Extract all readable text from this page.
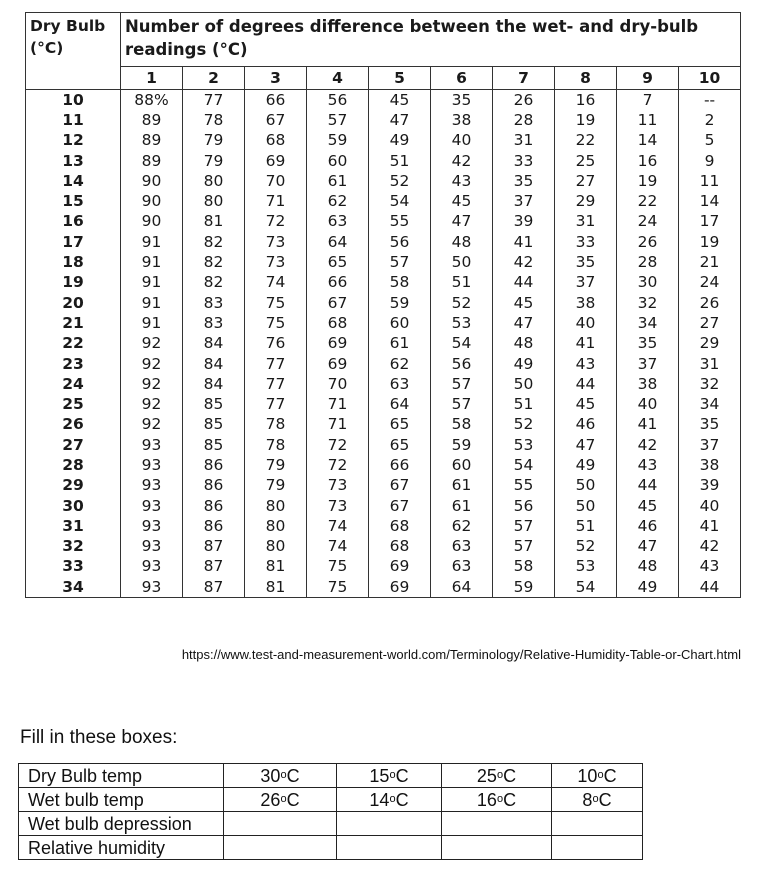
Dry Bulb (°C)	Number of degrees difference between the wet- and dry-bulb readings (°C)									
	1	2	3	4	5	6	7	8	9	10
10	88%	77	66	56	45	35	26	16	7	--
11	89	78	67	57	47	38	28	19	11	2
12	89	79	68	59	49	40	31	22	14	5
13	89	79	69	60	51	42	33	25	16	9
14	90	80	70	61	52	43	35	27	19	11
15	90	80	71	62	54	45	37	29	22	14
16	90	81	72	63	55	47	39	31	24	17
17	91	82	73	64	56	48	41	33	26	19
18	91	82	73	65	57	50	42	35	28	21
19	91	82	74	66	58	51	44	37	30	24
20	91	83	75	67	59	52	45	38	32	26
21	91	83	75	68	60	53	47	40	34	27
22	92	84	76	69	61	54	48	41	35	29
23	92	84	77	69	62	56	49	43	37	31
24	92	84	77	70	63	57	50	44	38	32
25	92	85	77	71	64	57	51	45	40	34
26	92	85	78	71	65	58	52	46	41	35
27	93	85	78	72	65	59	53	47	42	37
28	93	86	79	72	66	60	54	49	43	38
29	93	86	79	73	67	61	55	50	44	39
30	93	86	80	73	67	61	56	50	45	40
31	93	86	80	74	68	62	57	51	46	41
32	93	87	80	74	68	63	57	52	47	42
33	93	87	81	75	69	63	58	53	48	43
34	93	87	81	75	69	64	59	54	49	44
https://www.test-and-measurement-world.com/Terminology/Relative-Humidity-Table-or-Chart.html
Fill in these boxes:
Dry Bulb temp	30$^o$C	15$^o$C	25$^o$C	10$^o$C
Wet bulb temp	26$^o$C	14$^o$C	16$^o$C	8$^o$C
Wet bulb depression				
Relative humidity				
